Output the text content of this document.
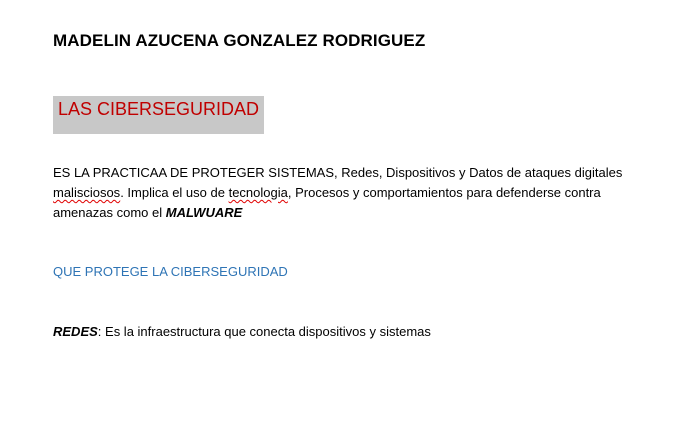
MADELIN AZUCENA GONZALEZ RODRIGUEZ
LAS CIBERSEGURIDAD
ES LA PRACTICAA DE PROTEGER SISTEMAS, Redes, Dispositivos y Datos de ataques digitales
malisciosos. Implica el uso de tecnologia, Procesos y comportamientos para defenderse contra
amenazas como el MALWUARE
QUE PROTEGE LA CIBERSEGURIDAD
REDES: Es la infraestructura que conecta dispositivos y sistemas
